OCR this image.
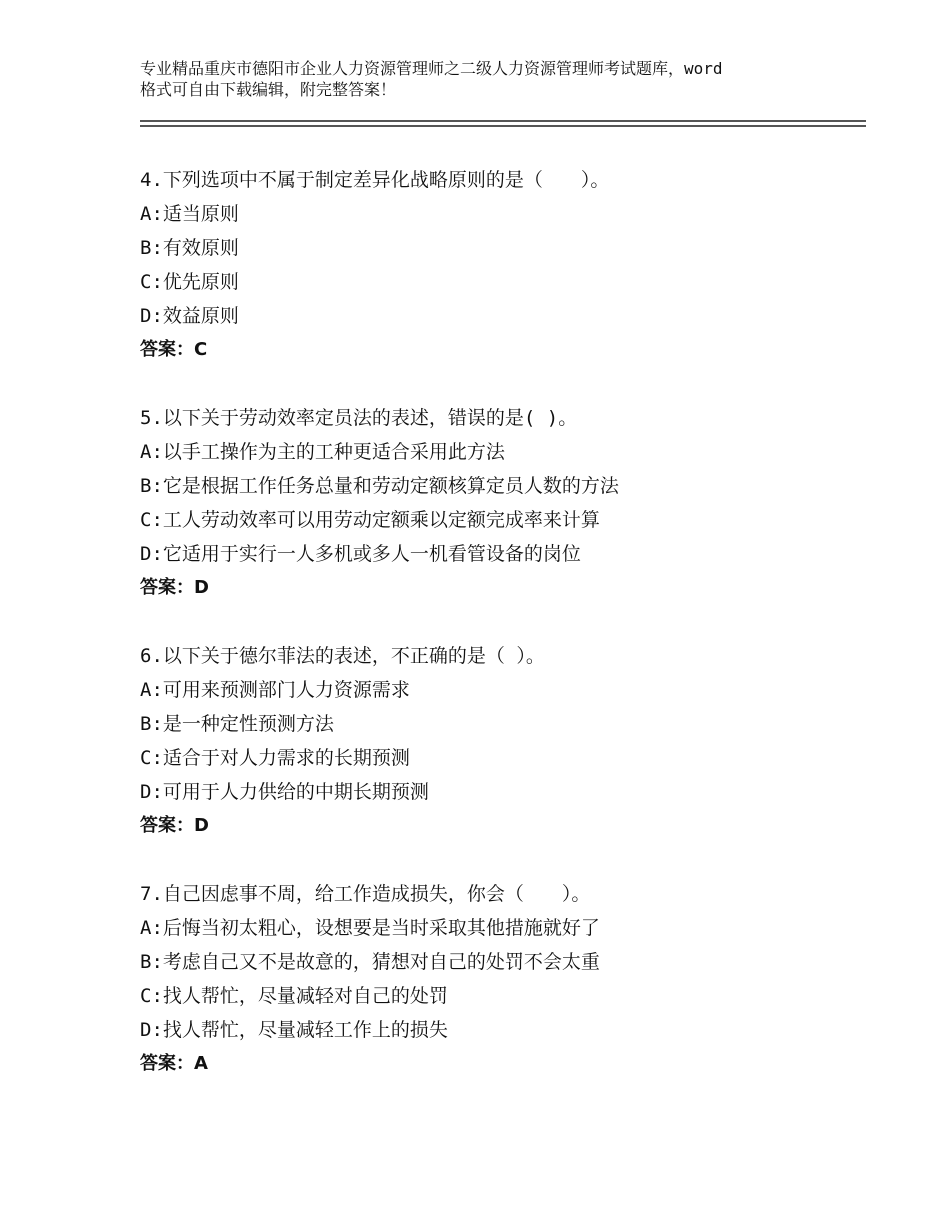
专业精品重庆市德阳市企业人力资源管理师之二级人力资源管理师考试题库，word
格式可自由下载编辑，附完整答案！
4.下列选项中不属于制定差异化战略原则的是（　　）。
A:适当原则
B:有效原则
C:优先原则
D:效益原则
答案：C
5.以下关于劳动效率定员法的表述，错误的是( )。
A:以手工操作为主的工种更适合采用此方法
B:它是根据工作任务总量和劳动定额核算定员人数的方法
C:工人劳动效率可以用劳动定额乘以定额完成率来计算
D:它适用于实行一人多机或多人一机看管设备的岗位
答案：D
6.以下关于德尔菲法的表述，不正确的是（ ）。
A:可用来预测部门人力资源需求
B:是一种定性预测方法
C:适合于对人力需求的长期预测
D:可用于人力供给的中期长期预测
答案：D
7.自己因虑事不周，给工作造成损失，你会（　　）。
A:后悔当初太粗心，设想要是当时采取其他措施就好了
B:考虑自己又不是故意的，猜想对自己的处罚不会太重
C:找人帮忙，尽量减轻对自己的处罚
D:找人帮忙，尽量减轻工作上的损失
答案：A
